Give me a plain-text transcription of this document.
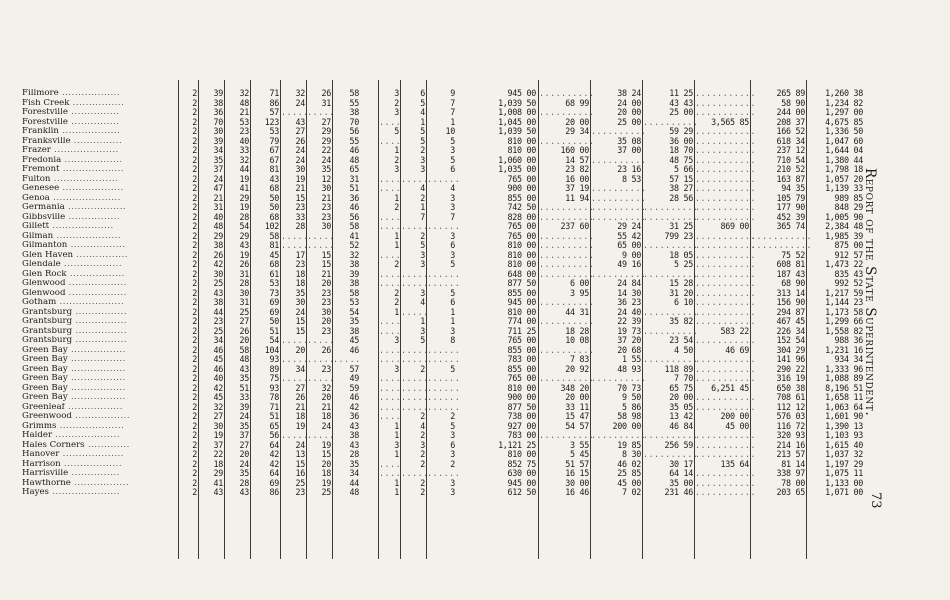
Fillmore ..................
Fish Creek ................
Forestville ...............
Forestville ...............
Franklin ..................
Franksville ...............
Frazer ....................
Fredonia ..................
Fremont ...................
Fulton ....................
Genesee ...................
Genoa .....................
Germania ..................
Gibbsville ................
Gillett ...................
Gilman ....................
Gilmanton .................
Glen Haven ................
Glendale ..................
Glen Rock .................
Glenwood ..................
Glenwood ..................
Gotham ....................
Grantsburg ................
Grantsburg ................
Grantsburg ................
Grantsburg ................
Green Bay .................
Green Bay .................
Green Bay .................
Green Bay .................
Green Bay .................
Green Bay .................
Greenleaf .................
Greenwood .................
Grimms ....................
Halder ....................
Hales Corners .............
Hanover ...................
Harrison ..................
Harrisville ...............
Hawthorne .................
Hayes .....................
2
2
2
2
2
2
2
2
2
2
2
2
2
2
2
2
2
2
2
2
2
2
2
2
2
2
2
2
2
2
2
2
2
2
2
2
2
2
2
2
2
2
2
39
38
36
70
30
39
34
35
37
24
47
21
31
40
48
29
38
26
42
30
25
43
38
44
23
25
34
46
45
46
40
42
45
32
27
30
19
37
22
18
29
41
43
32
48
21
53
23
40
33
32
44
19
41
29
19
28
54
29
43
19
26
31
28
30
31
25
27
26
20
58
48
43
35
51
33
39
24
35
37
27
20
24
35
28
43
71
86
57
123
53
79
67
67
81
43
68
50
50
68
102
58
81
45
68
61
53
73
69
69
50
51
54
104
93
89
75
93
78
71
51
65
56
64
42
42
64
69
86
32
24
.....
43
27
26
24
24
30
19
21
15
23
33
28
.....
.....
17
23
18
18
35
30
24
15
15
.....
20
.....
34
.....
27
26
21
18
19
.....
24
13
15
16
25
23
26
31
.....
27
29
29
22
24
35
12
30
21
23
23
30
.....
.....
15
15
21
20
23
23
30
20
23
.....
26
.....
23
.....
32
20
21
18
24
.....
19
15
20
18
19
25
58
55
38
70
56
55
46
48
65
31
51
36
46
56
58
41
52
32
38
39
38
58
53
54
35
38
45
46
.....
57
49
59
46
42
36
43
38
43
28
35
34
44
48
3
2
3
....
5
....
1
2
3
....
....
1
2
....
....
1
1
....
2
....
....
2
2
1
....
....
3
....
....
3
....
....
....
....
....
1
1
3
1
....
....
1
1
6
5
4
1
5
5
2
3
3
.....
4
2
1
7
.....
2
5
3
3
.....
.....
3
4
.....
1
3
5
.....
.....
2
.....
.....
.....
.....
2
4
2
3
2
2
.....
2
2
9
7
7
1
10
5
3
5
6
......
4
3
3
7
......
3
6
3
5
......
......
5
6
1
1
3
8
......
......
5
......
......
......
......
2
5
3
6
3
2
......
3
3
945 00
1,039 50
1,008 00
1,045 00
1,039 50
810 00
810 00
1,060 00
1,035 00
765 00
900 00
855 00
742 50
828 00
765 00
765 00
810 00
810 00
810 00
648 00
877 50
855 00
945 00
810 00
774 00
711 25
765 00
855 00
783 00
855 00
765 00
810 00
900 00
877 50
738 00
927 00
783 00
1,121 25
810 00
852 75
630 00
945 00
612 50
..........
68 99
..........
20 00
29 34
..........
160 00
14 57
23 82
16 00
37 19
11 94
..........
..........
237 60
..........
..........
..........
..........
..........
6 00
3 95
..........
44 31
..........
18 28
10 08
..........
7 83
20 92
..........
348 20
20 00
33 11
15 47
54 57
..........
3 55
5 45
51 57
16 15
30 00
16 46
38 24
24 00
20 00
25 00
..........
35 08
37 00
..........
23 16
8 53
..........
..........
..........
..........
29 24
55 42
65 00
9 00
49 16
..........
24 84
14 30
36 23
24 40
22 39
19 73
37 20
20 68
1 55
48 93
..........
70 73
9 50
5 86
58 98
200 00
..........
19 85
8 30
46 02
25 85
45 00
7 02
11 25
43 43
25 00
..........
59 29
36 00
18 70
48 75
5 66
57 15
38 27
28 56
..........
..........
31 25
799 23
..........
18 05
5 25
..........
15 28
31 20
6 10
..........
35 82
..........
23 54
4 50
..........
118 89
7 70
65 75
20 00
35 05
13 42
46 84
..........
256 59
..........
30 17
64 14
35 00
231 46
...........
...........
...........
3,565 85
...........
...........
...........
...........
...........
...........
...........
...........
...........
...........
869 00
...........
...........
...........
...........
...........
...........
...........
...........
...........
...........
583 22
...........
46 69
...........
...........
...........
6,251 45
...........
...........
200 00
45 00
...........
...........
...........
135 64
...........
...........
...........
265 89
58 90
244 00
208 37
166 52
618 34
237 12
710 54
210 52
163 87
94 35
105 79
177 90
452 39
365 74
...........
...........
75 52
608 81
187 43
68 90
313 14
156 90
294 87
467 45
226 34
152 54
304 29
141 96
290 22
316 19
650 38
708 61
112 12
576 03
116 72
320 93
214 16
213 57
81 14
338 97
78 00
203 65
1,260 38
1,234 82
1,297 00
4,675 85
1,336 50
1,047 60
1,644 04
1,380 44
1,798 18
1,057 20
1,139 33
989 85
848 29
1,005 90
2,384 48
1,985 39
875 00
912 57
1,473 22
835 43
992 52
1,217 59
1,144 23
1,173 58
1,299 66
1,558 82
988 36
1,231 16
934 34
1,333 96
1,088 89
8,196 51
1,658 11
1,063 64
1,601 90
1,390 13
1,103 93
1,615 40
1,037 32
1,197 29
1,075 11
1,133 00
1,071 00
Report of the State Superintendent.
73
